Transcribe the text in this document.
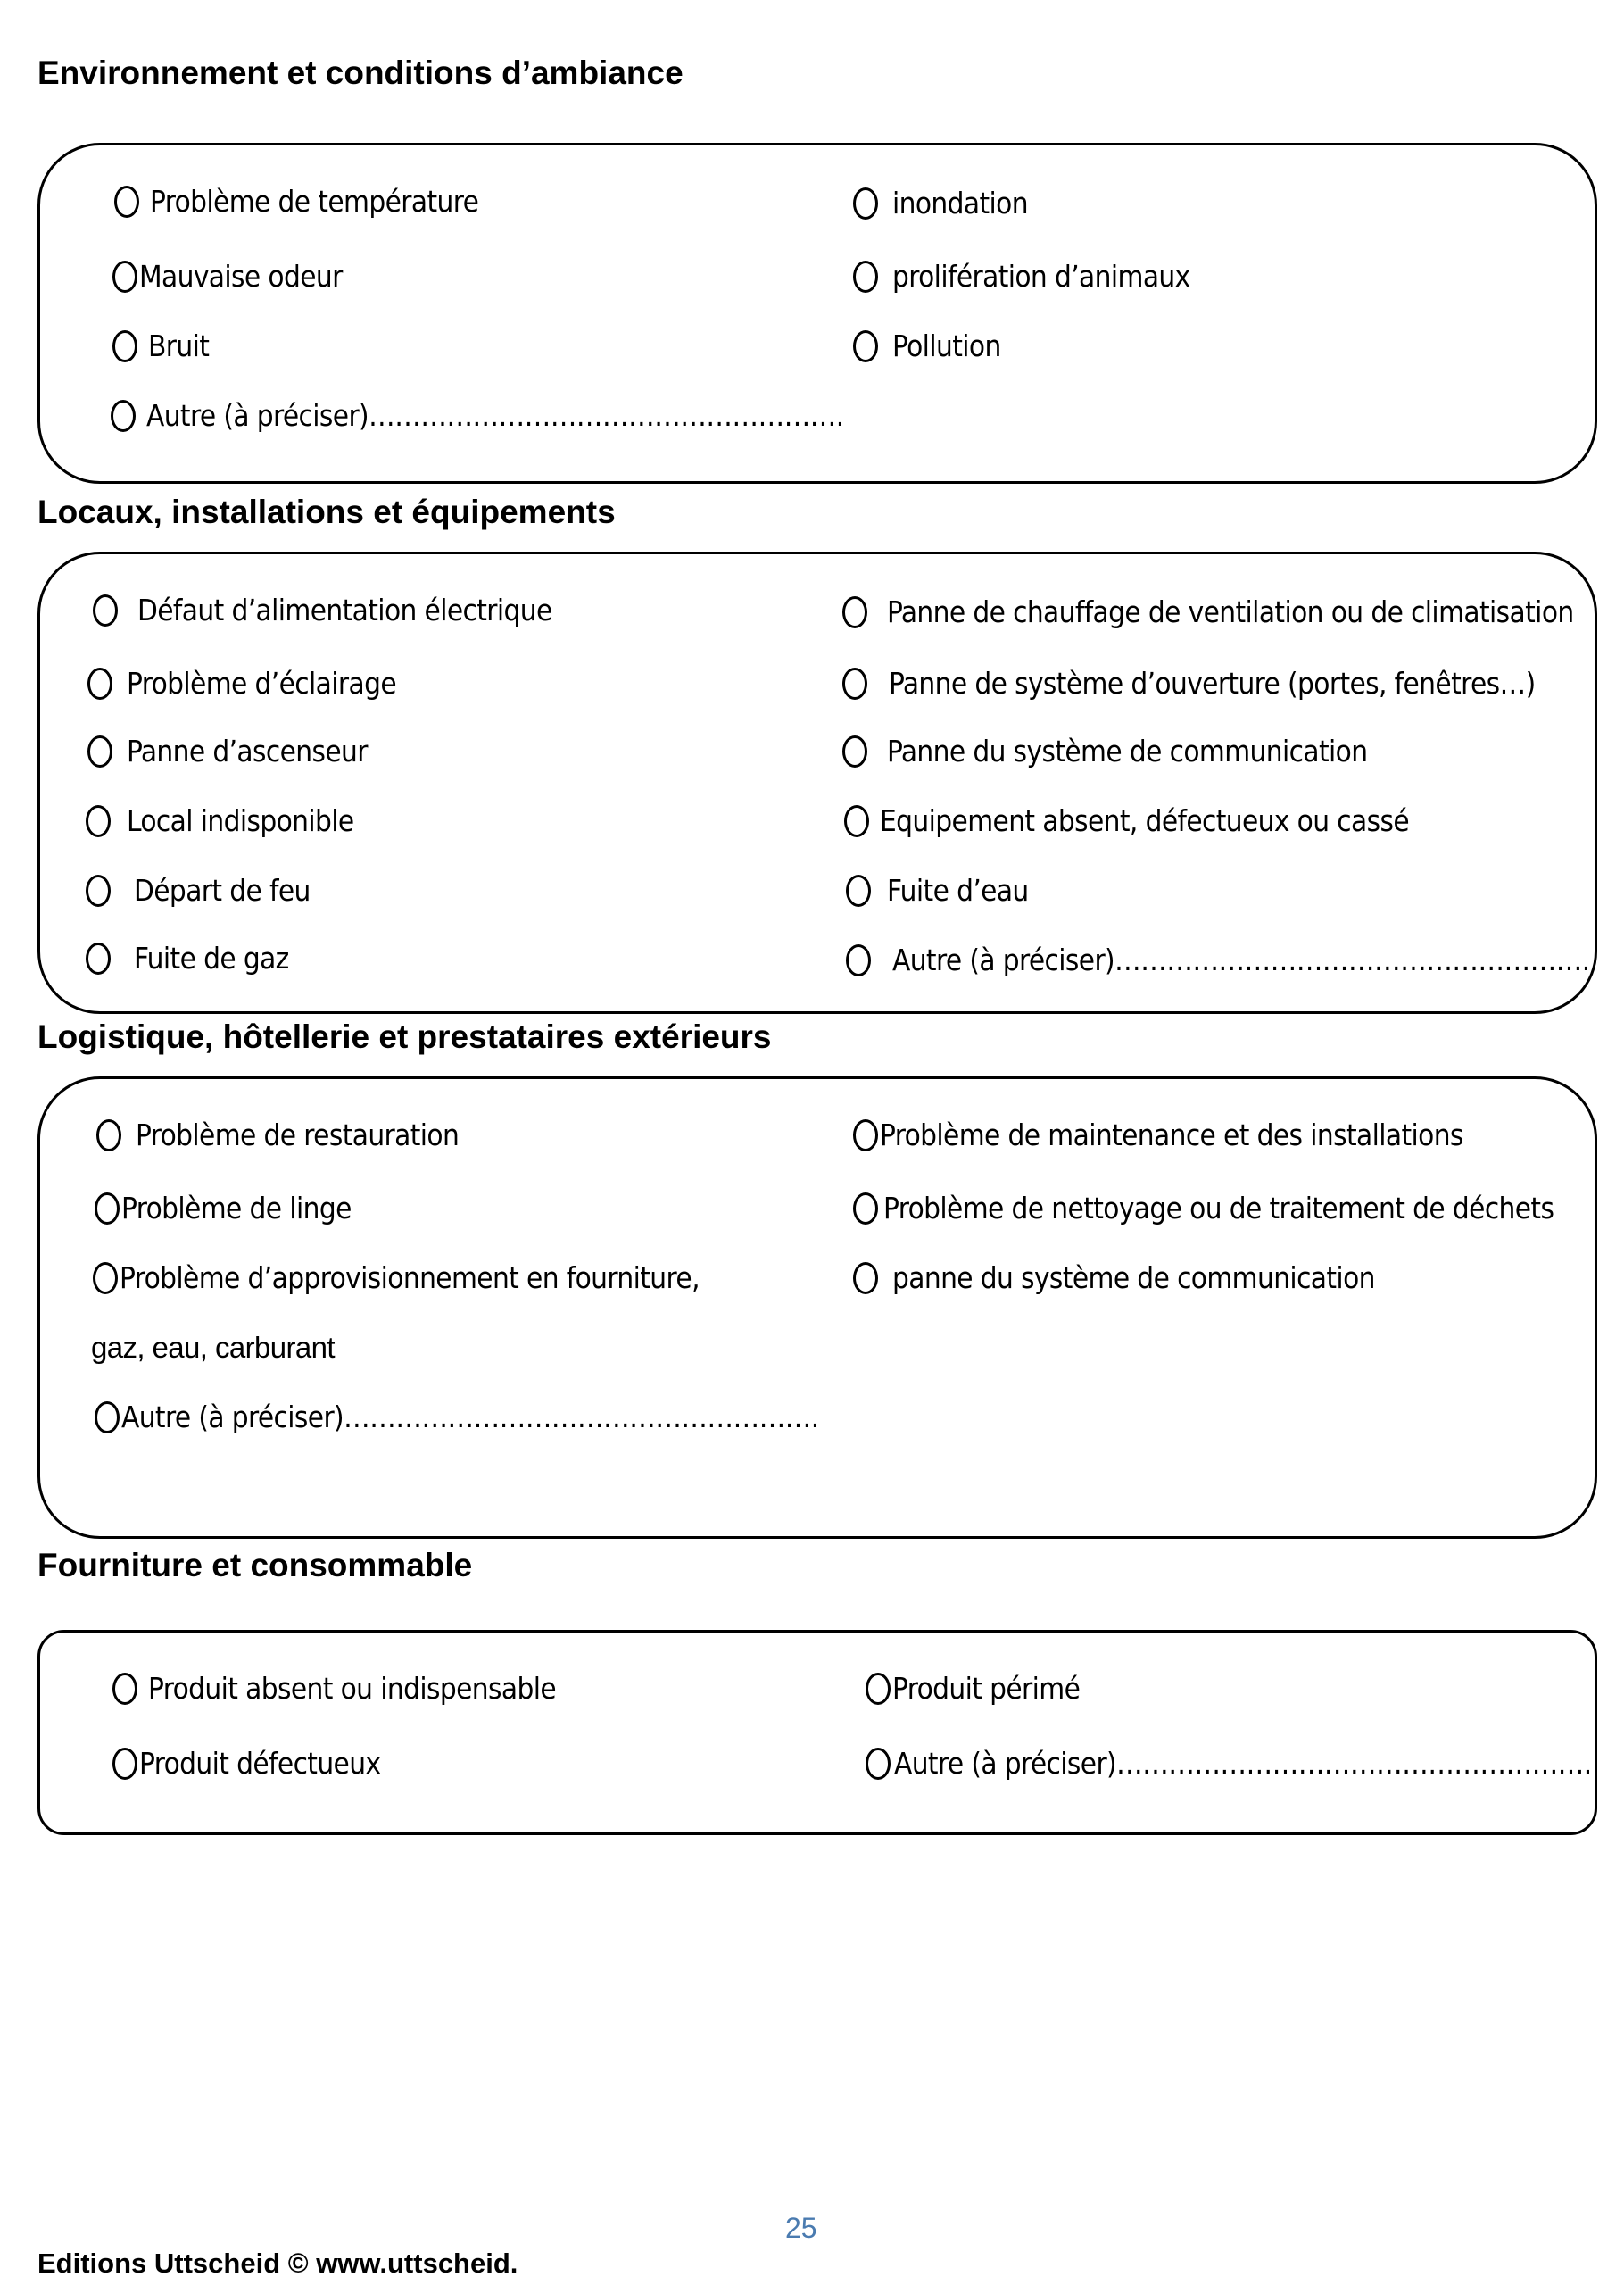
Environnement et conditions d’ambiance
Problème de température
Mauvaise odeur
Bruit
Autre (à préciser)……………………………………………….
inondation
prolifération d’animaux
Pollution
Locaux, installations et équipements
Défaut d’alimentation électrique
Problème d’éclairage
Panne d’ascenseur
Local indisponible
Départ de feu
Fuite de gaz
Panne de chauffage de ventilation ou de climatisation
Panne de système d’ouverture (portes, fenêtres…)
Panne du système de communication
Equipement absent, défectueux ou cassé
Fuite d’eau
Autre (à préciser)……………………………………………….
Logistique, hôtellerie et prestataires extérieurs
Problème de restauration
Problème de linge
Problème d’approvisionnement en fourniture,
gaz, eau, carburant
Autre (à préciser)……………………………………………….
Problème de maintenance et des installations
Problème de nettoyage ou de traitement de déchets
panne du système de communication
Fourniture et consommable
Produit absent ou indispensable
Produit défectueux
Produit périmé
Autre (à préciser)……………………………………………….
25
Editions Uttscheid © www.uttscheid.
